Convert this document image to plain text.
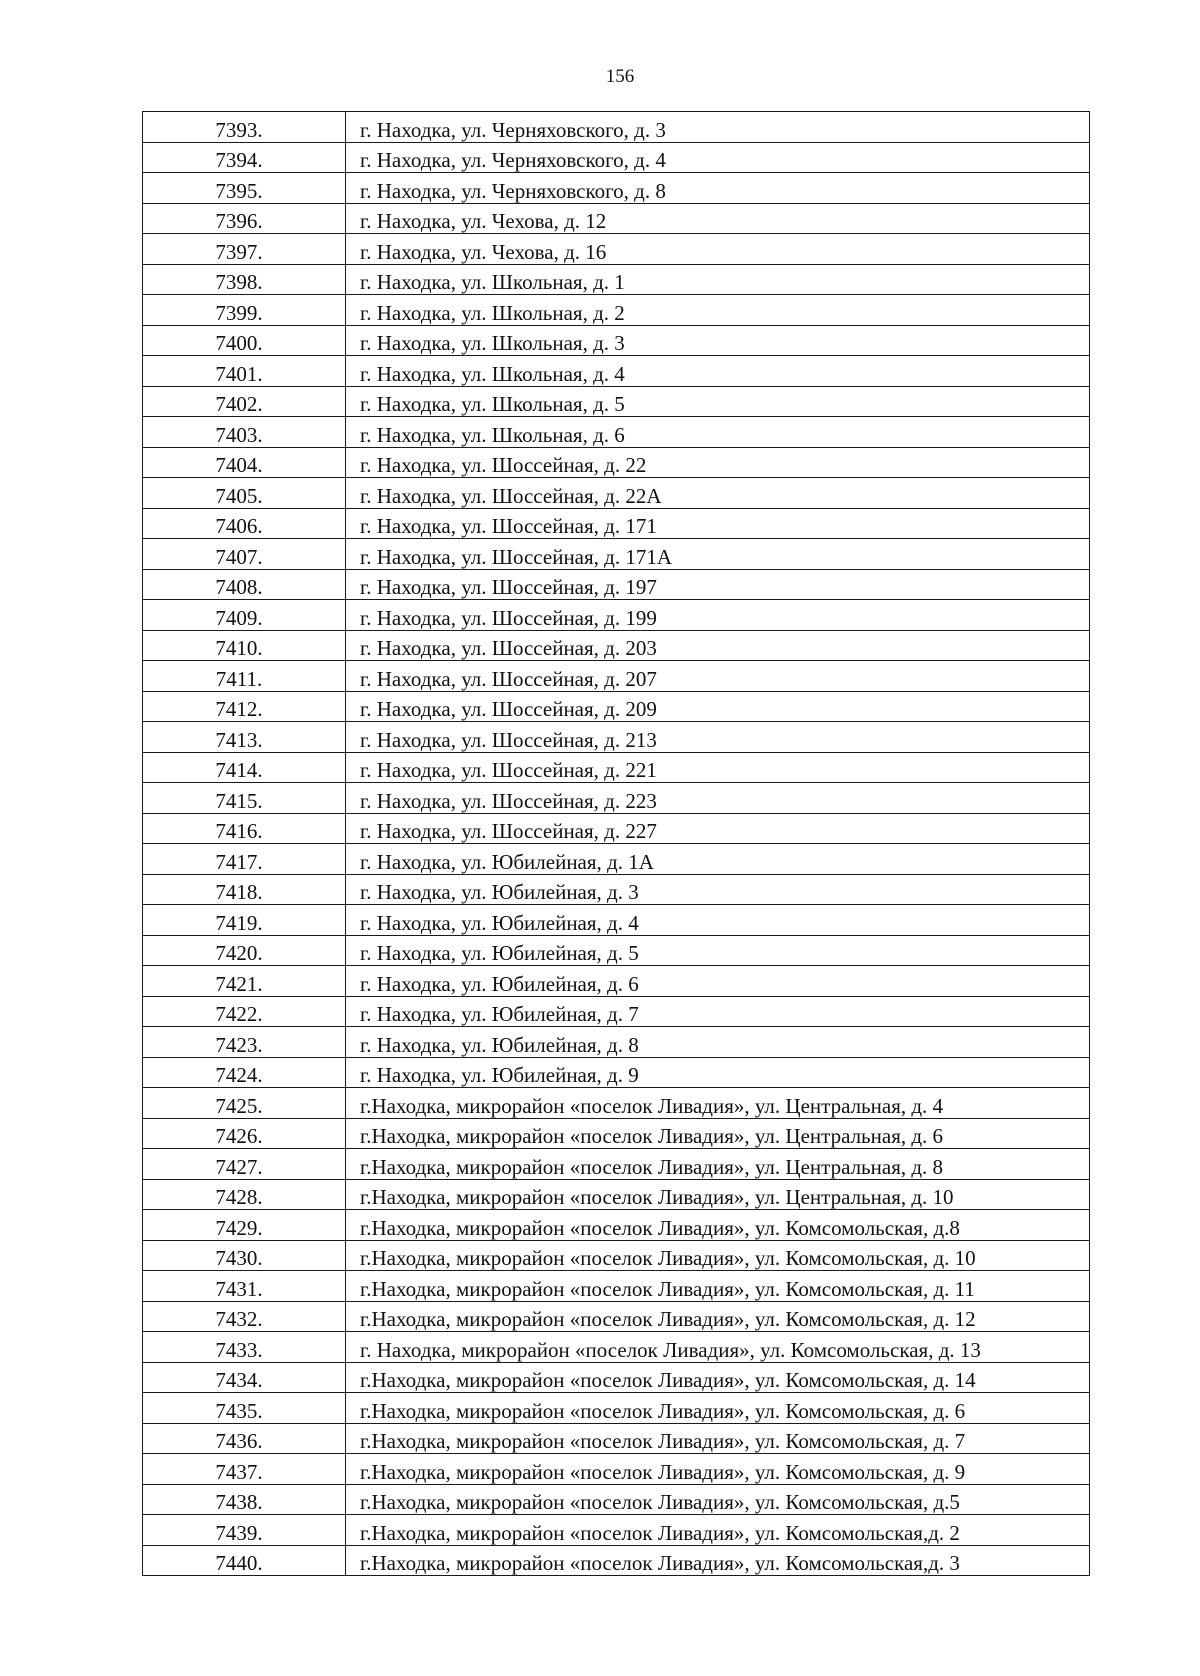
156
7393.	г. Находка, ул. Черняховского, д. 3
7394.	г. Находка, ул. Черняховского, д. 4
7395.	г. Находка, ул. Черняховского, д. 8
7396.	г. Находка, ул. Чехова, д. 12
7397.	г. Находка, ул. Чехова, д. 16
7398.	г. Находка, ул. Школьная, д. 1
7399.	г. Находка, ул. Школьная, д. 2
7400.	г. Находка, ул. Школьная, д. 3
7401.	г. Находка, ул. Школьная, д. 4
7402.	г. Находка, ул. Школьная, д. 5
7403.	г. Находка, ул. Школьная, д. 6
7404.	г. Находка, ул. Шоссейная, д. 22
7405.	г. Находка, ул. Шоссейная, д. 22А
7406.	г. Находка, ул. Шоссейная, д. 171
7407.	г. Находка, ул. Шоссейная, д. 171А
7408.	г. Находка, ул. Шоссейная, д. 197
7409.	г. Находка, ул. Шоссейная, д. 199
7410.	г. Находка, ул. Шоссейная, д. 203
7411.	г. Находка, ул. Шоссейная, д. 207
7412.	г. Находка, ул. Шоссейная, д. 209
7413.	г. Находка, ул. Шоссейная, д. 213
7414.	г. Находка, ул. Шоссейная, д. 221
7415.	г. Находка, ул. Шоссейная, д. 223
7416.	г. Находка, ул. Шоссейная, д. 227
7417.	г. Находка, ул. Юбилейная, д. 1А
7418.	г. Находка, ул. Юбилейная, д. 3
7419.	г. Находка, ул. Юбилейная, д. 4
7420.	г. Находка, ул. Юбилейная, д. 5
7421.	г. Находка, ул. Юбилейная, д. 6
7422.	г. Находка, ул. Юбилейная, д. 7
7423.	г. Находка, ул. Юбилейная, д. 8
7424.	г. Находка, ул. Юбилейная, д. 9
7425.	г.Находка, микрорайон «поселок Ливадия», ул. Центральная, д. 4
7426.	г.Находка, микрорайон «поселок Ливадия», ул. Центральная, д. 6
7427.	г.Находка, микрорайон «поселок Ливадия», ул. Центральная, д. 8
7428.	г.Находка, микрорайон «поселок Ливадия», ул. Центральная, д. 10
7429.	г.Находка, микрорайон «поселок Ливадия», ул. Комсомольская, д.8
7430.	г.Находка, микрорайон «поселок Ливадия», ул. Комсомольская, д. 10
7431.	г.Находка, микрорайон «поселок Ливадия», ул. Комсомольская, д. 11
7432.	г.Находка, микрорайон «поселок Ливадия», ул. Комсомольская, д. 12
7433.	г. Находка, микрорайон «поселок Ливадия», ул. Комсомольская, д. 13
7434.	г.Находка, микрорайон «поселок Ливадия», ул. Комсомольская, д. 14
7435.	г.Находка, микрорайон «поселок Ливадия», ул. Комсомольская, д. 6
7436.	г.Находка, микрорайон «поселок Ливадия», ул. Комсомольская, д. 7
7437.	г.Находка, микрорайон «поселок Ливадия», ул. Комсомольская, д. 9
7438.	г.Находка, микрорайон «поселок Ливадия», ул. Комсомольская, д.5
7439.	г.Находка, микрорайон «поселок Ливадия», ул. Комсомольская,д. 2
7440.	г.Находка, микрорайон «поселок Ливадия», ул. Комсомольская,д. 3
